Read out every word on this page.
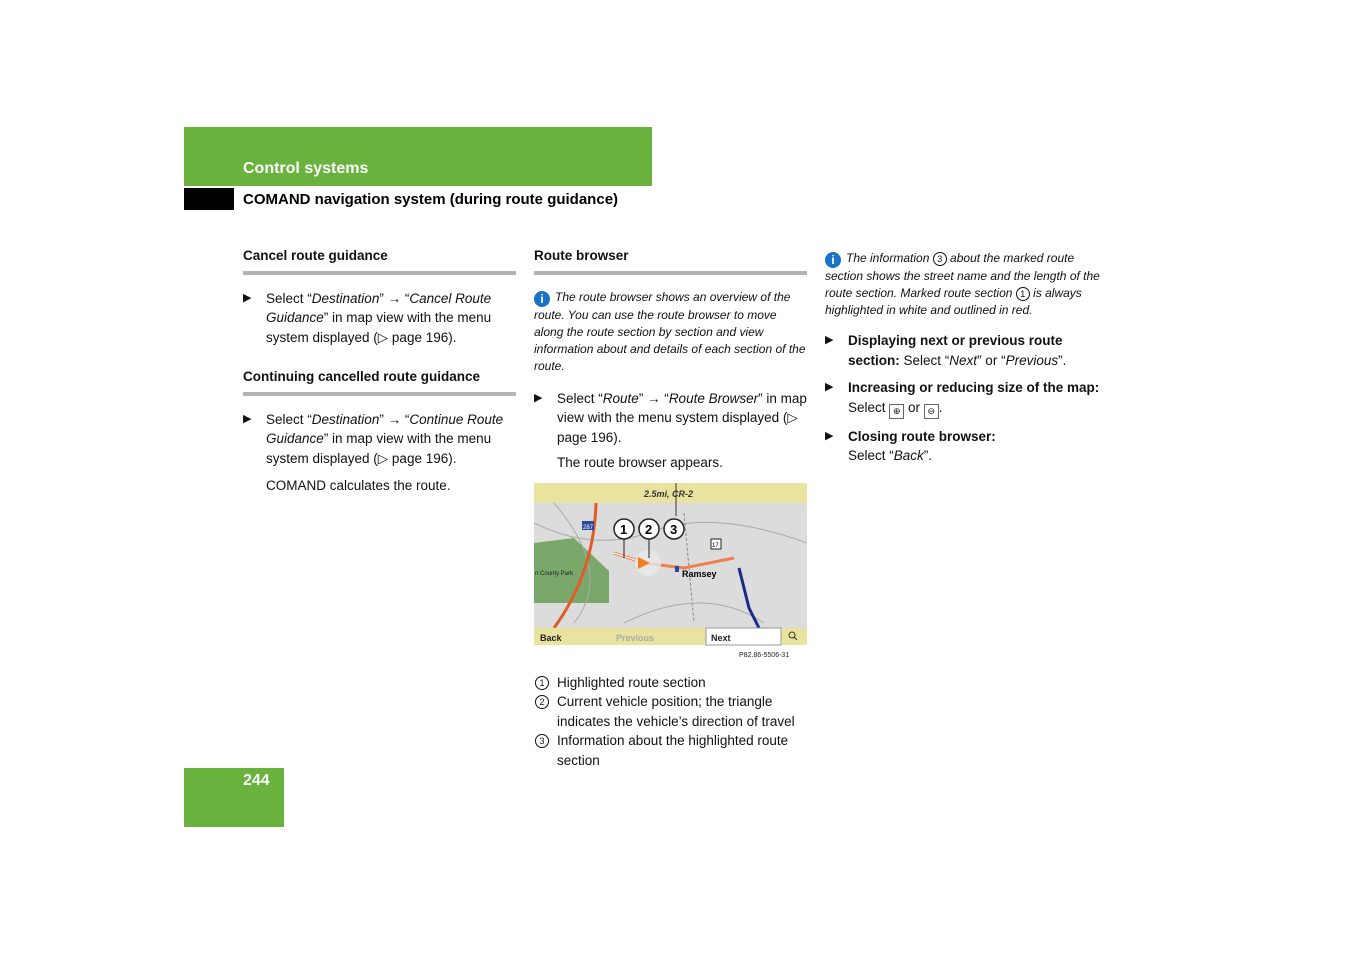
Control systems
COMAND navigation system (during route guidance)
Cancel route guidance
▶ Select “Destination” → “Cancel Route Guidance” in map view with the menu system displayed (▷ page 196).
Continuing cancelled route guidance
▶ Select “Destination” → “Continue Route Guidance” in map view with the menu system displayed (▷ page 196).
COMAND calculates the route.
Route browser
i The route browser shows an overview of the route. You can use the route browser to move along the route section by section and view information about and details of each section of the route.
▶ Select “Route” → “Route Browser” in map view with the menu system displayed (▷ page 196).
The route browser appears.
2.5mi, CR-2
287
17
1 2 3
Ramsey
n County Park
Back	Previous	Next
P82.86-5506-31
1 Highlighted route section
2 Current vehicle position; the triangle indicates the vehicle’s direction of travel
3 Information about the highlighted route section
i The information 3 about the marked route section shows the street name and the length of the route section. Marked route section 1 is always highlighted in white and outlined in red.
▶ Displaying next or previous route section: Select “Next” or “Previous”.
▶ Increasing or reducing size of the map: Select ⊕ or ⊖ .
▶ Closing route browser:
Select “Back”.
244
